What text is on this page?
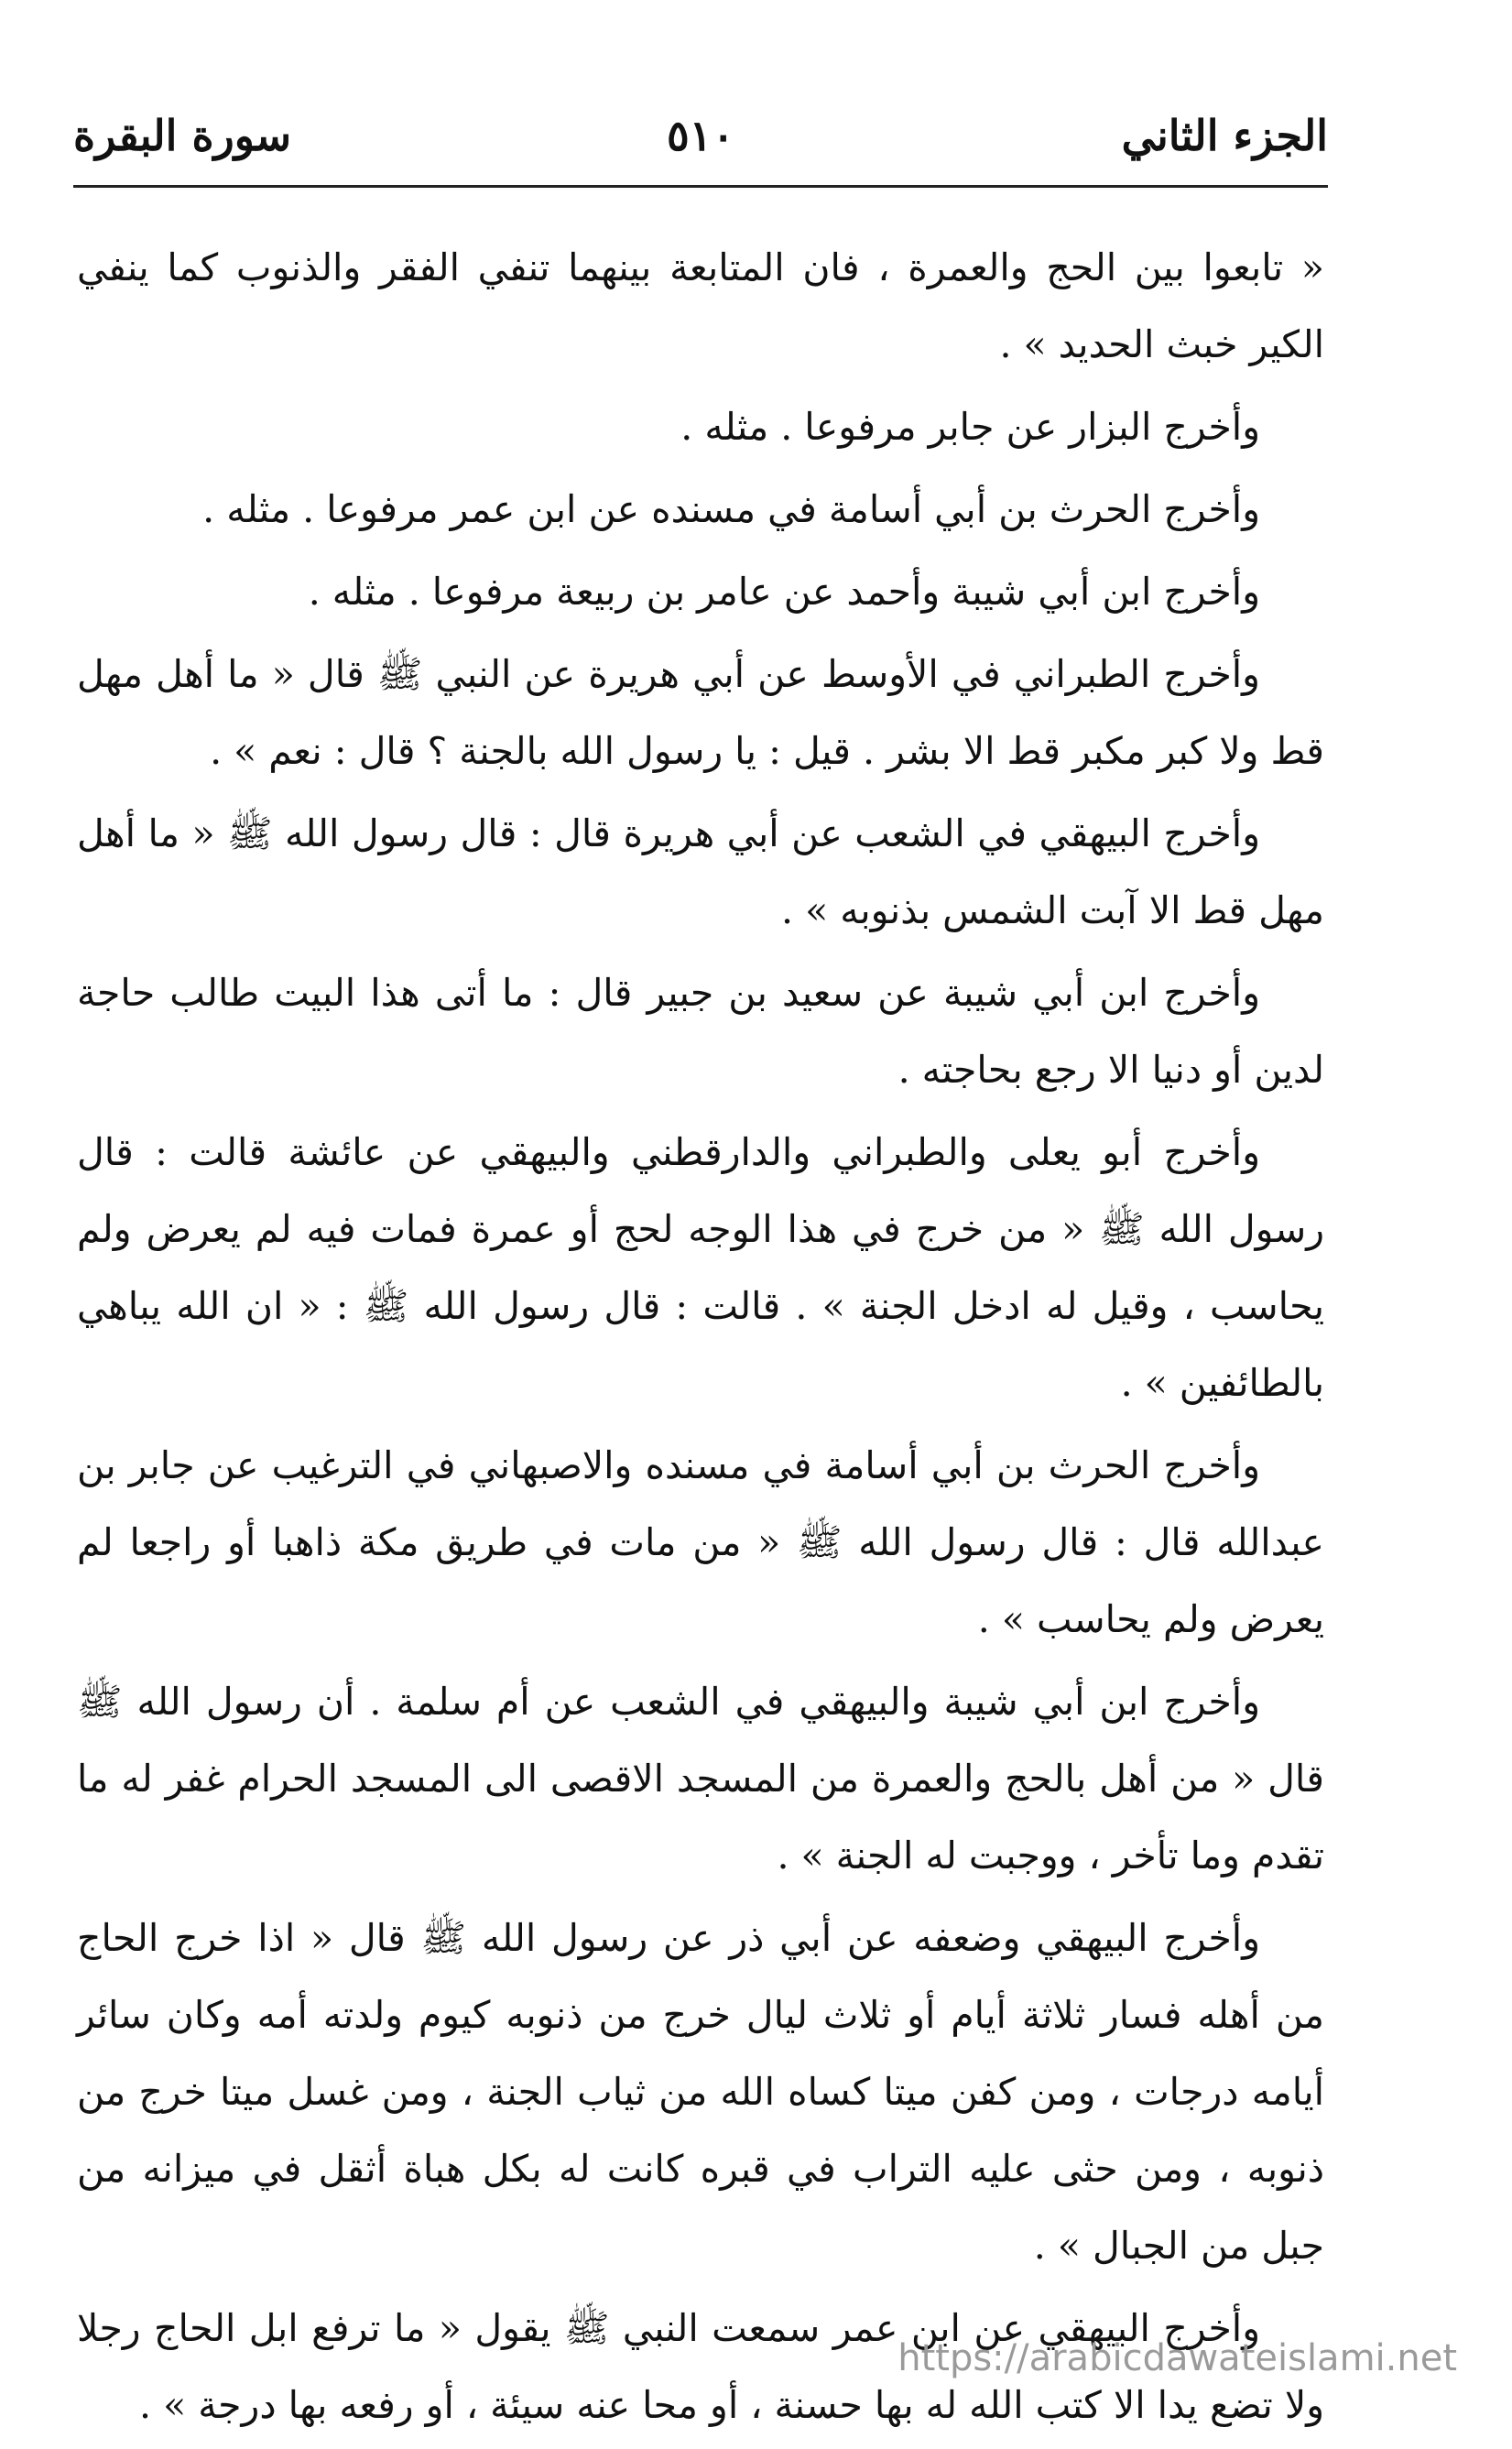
الجزء الثاني
٥١٠
سورة البقرة

« تابعوا بين الحج والعمرة ، فان المتابعة بينهما تنفي الفقر والذنوب كما ينفي الكير خبث الحديد » .

وأخرج البزار عن جابر مرفوعا . مثله .

وأخرج الحرث بن أبي أسامة في مسنده عن ابن عمر مرفوعا . مثله .

وأخرج ابن أبي شيبة وأحمد عن عامر بن ربيعة مرفوعا . مثله .

وأخرج الطبراني في الأوسط عن أبي هريرة عن النبي ﷺ قال « ما أهل مهل قط ولا كبر مكبر قط الا بشر . قيل : يا رسول الله بالجنة ؟ قال : نعم » .

وأخرج البيهقي في الشعب عن أبي هريرة قال : قال رسول الله ﷺ « ما أهل مهل قط الا آبت الشمس بذنوبه » .

وأخرج ابن أبي شيبة عن سعيد بن جبير قال : ما أتى هذا البيت طالب حاجة لدين أو دنيا الا رجع بحاجته .

وأخرج أبو يعلى والطبراني والدارقطني والبيهقي عن عائشة قالت : قال رسول الله ﷺ « من خرج في هذا الوجه لحج أو عمرة فمات فيه لم يعرض ولم يحاسب ، وقيل له ادخل الجنة » . قالت : قال رسول الله ﷺ : « ان الله يباهي بالطائفين » .

وأخرج الحرث بن أبي أسامة في مسنده والاصبهاني في الترغيب عن جابر بن عبدالله قال : قال رسول الله ﷺ « من مات في طريق مكة ذاهبا أو راجعا لم يعرض ولم يحاسب » .

وأخرج ابن أبي شيبة والبيهقي في الشعب عن أم سلمة . أن رسول الله ﷺ قال « من أهل بالحج والعمرة من المسجد الاقصى الى المسجد الحرام غفر له ما تقدم وما تأخر ، ووجبت له الجنة » .

وأخرج البيهقي وضعفه عن أبي ذر عن رسول الله ﷺ قال « اذا خرج الحاج من أهله فسار ثلاثة أيام أو ثلاث ليال خرج من ذنوبه كيوم ولدته أمه وكان سائر أيامه درجات ، ومن كفن ميتا كساه الله من ثياب الجنة ، ومن غسل ميتا خرج من ذنوبه ، ومن حثى عليه التراب في قبره كانت له بكل هباة أثقل في ميزانه من جبل من الجبال » .

وأخرج البيهقي عن ابن عمر سمعت النبي ﷺ يقول « ما ترفع ابل الحاج رجلا ولا تضع يدا الا كتب الله له بها حسنة ، أو محا عنه سيئة ، أو رفعه بها درجة » .

https://arabicdawateislami.net
